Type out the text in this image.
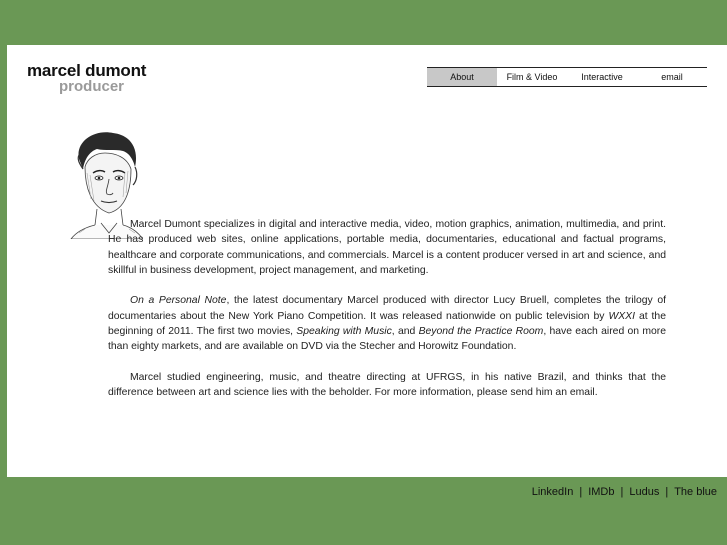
marcel dumont
producer
About	Film & Video	Interactive	email

Marcel Dumont specializes in digital and interactive media, video, motion graphics, animation, multimedia, and print. He has produced web sites, online applications, portable media, documentaries, educational and factual programs, healthcare and corporate communications, and commercials. Marcel is a content producer versed in art and science, and skillful in business development, project management, and marketing.

On a Personal Note, the latest documentary Marcel produced with director Lucy Bruell, completes the trilogy of documentaries about the New York Piano Competition. It was released nationwide on public television by WXXI at the beginning of 2011. The first two movies, Speaking with Music, and Beyond the Practice Room, have each aired on more than eighty markets, and are available on DVD via the Stecher and Horowitz Foundation.

Marcel studied engineering, music, and theatre directing at UFRGS, in his native Brazil, and thinks that the difference between art and science lies with the beholder. For more information, please send him an email.

LinkedIn | IMDb | Ludus | The blue
